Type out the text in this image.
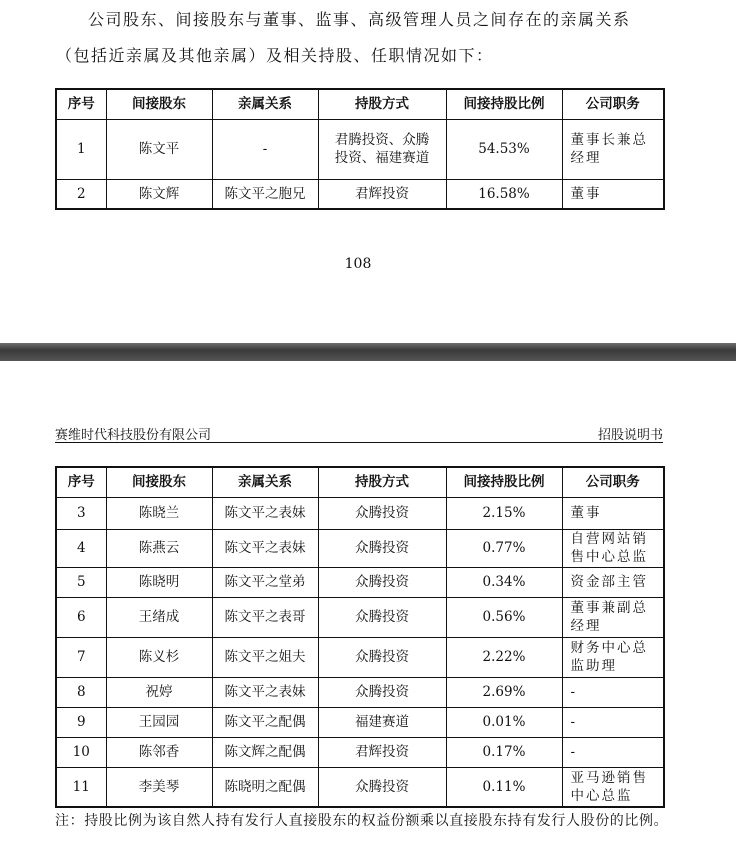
公司股东、间接股东与董事、监事、高级管理人员之间存在的亲属关系
（包括近亲属及其他亲属）及相关持股、任职情况如下：
序号	间接股东	亲属关系	持股方式	间接持股比例	公司职务
1	陈文平	-	君腾投资、众腾投资、福建赛道	54.53%	董事长兼总经理
2	陈文辉	陈文平之胞兄	君辉投资	16.58%	董事
108
赛维时代科技股份有限公司	招股说明书
序号	间接股东	亲属关系	持股方式	间接持股比例	公司职务
3	陈晓兰	陈文平之表妹	众腾投资	2.15%	董事
4	陈燕云	陈文平之表妹	众腾投资	0.77%	自营网站销售中心总监
5	陈晓明	陈文平之堂弟	众腾投资	0.34%	资金部主管
6	王绪成	陈文平之表哥	众腾投资	0.56%	董事兼副总经理
7	陈义杉	陈文平之姐夫	众腾投资	2.22%	财务中心总监助理
8	祝婷	陈文平之表妹	众腾投资	2.69%	-
9	王园园	陈文平之配偶	福建赛道	0.01%	-
10	陈邻香	陈文辉之配偶	君辉投资	0.17%	-
11	李美琴	陈晓明之配偶	众腾投资	0.11%	亚马逊销售中心总监
注：持股比例为该自然人持有发行人直接股东的权益份额乘以直接股东持有发行人股份的比例。
